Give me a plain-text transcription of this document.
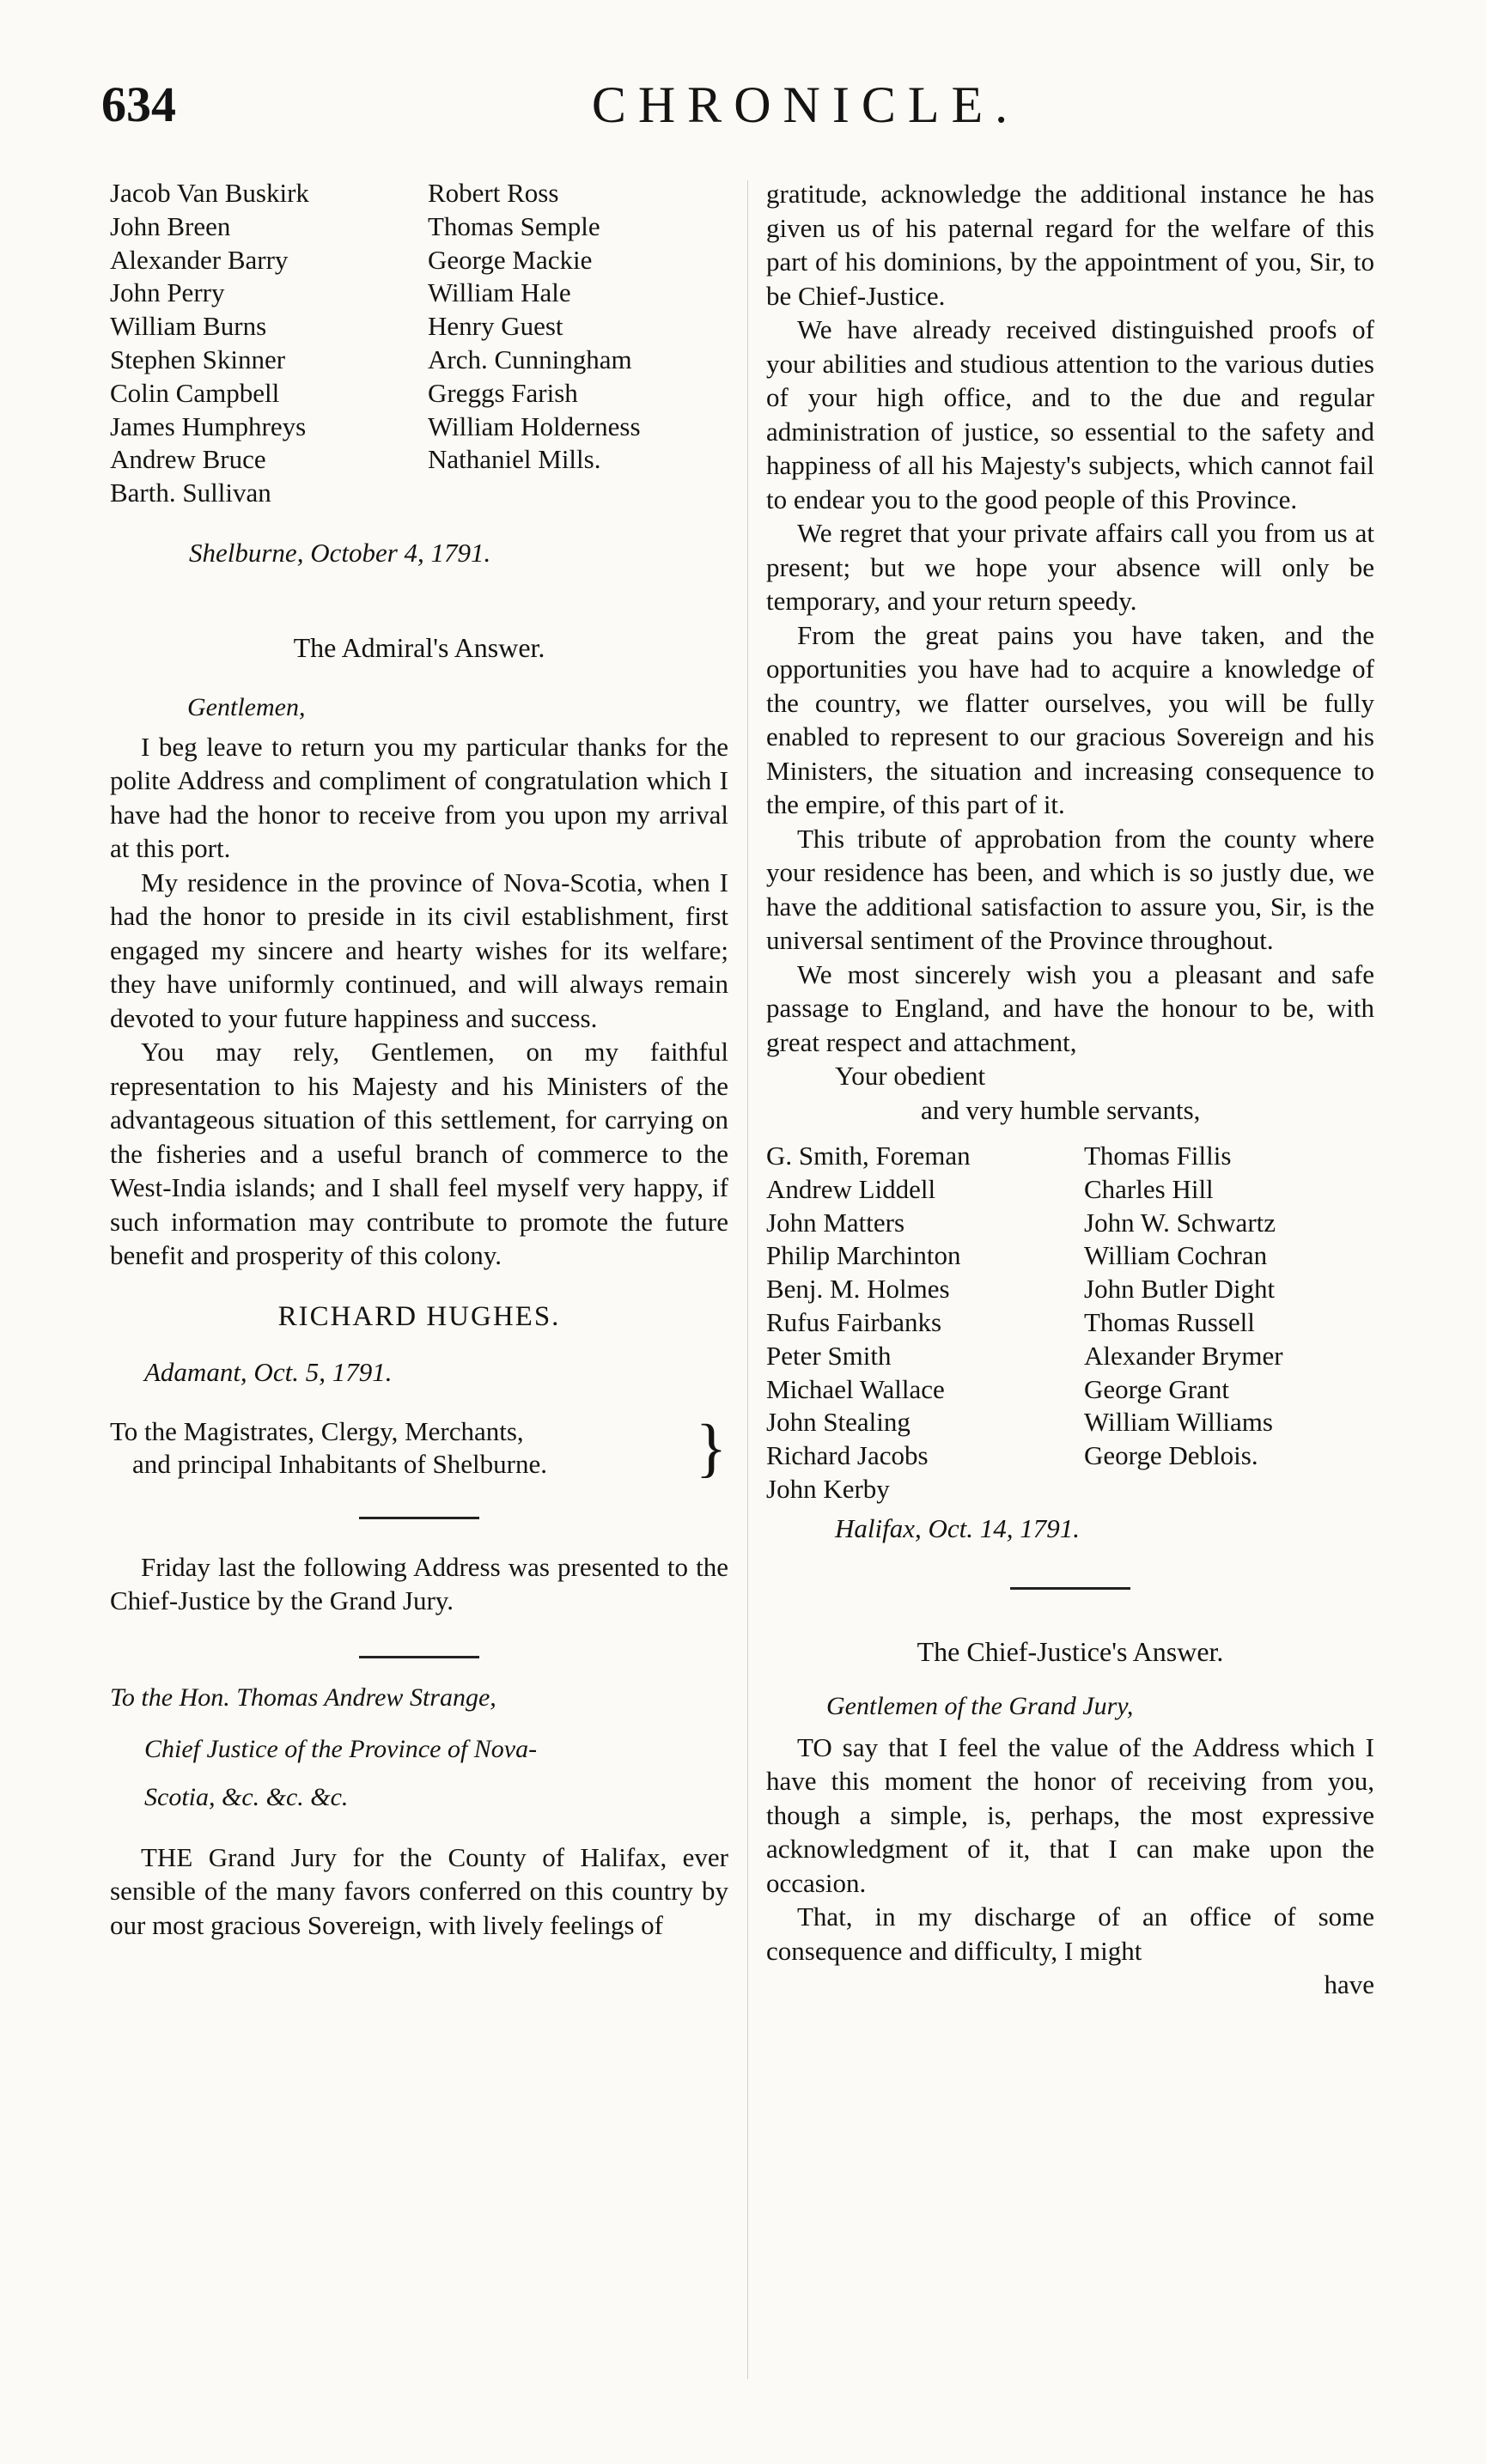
634	CHRONICLE.
Jacob Van Buskirk
John Breen
Alexander Barry
John Perry
William Burns
Stephen Skinner
Colin Campbell
James Humphreys
Andrew Bruce
Barth. Sullivan
Robert Ross
Thomas Semple
George Mackie
William Hale
Henry Guest
Arch. Cunningham
Greggs Farish
William Holderness
Nathaniel Mills.
Shelburne, October 4, 1791.
The Admiral's Answer.
Gentlemen,

I beg leave to return you my particular thanks for the polite Address and compliment of congratulation which I have had the honor to receive from you upon my arrival at this port.

My residence in the province of Nova-Scotia, when I had the honor to preside in its civil establishment, first engaged my sincere and hearty wishes for its welfare; they have uniformly continued, and will always remain devoted to your future happiness and success.

You may rely, Gentlemen, on my faithful representation to his Majesty and his Ministers of the advantageous situation of this settlement, for carrying on the fisheries and a useful branch of commerce to the West-India islands; and I shall feel myself very happy, if such information may contribute to promote the future benefit and prosperity of this colony.

RICHARD HUGHES.
Adamant, Oct. 5, 1791.
To the Magistrates, Clergy, Merchants,
and principal Inhabitants of Shelburne.	}

Friday last the following Address was presented to the Chief-Justice by the Grand Jury.

To the Hon. Thomas Andrew Strange,
Chief Justice of the Province of Nova-
Scotia, &c. &c. &c.

THE Grand Jury for the County of Halifax, ever sensible of the many favors conferred on this country by our most gracious Sovereign, with lively feelings of

gratitude, acknowledge the additional instance he has given us of his paternal regard for the welfare of this part of his dominions, by the appointment of you, Sir, to be Chief-Justice.

We have already received distinguished proofs of your abilities and studious attention to the various duties of your high office, and to the due and regular administration of justice, so essential to the safety and happiness of all his Majesty's subjects, which cannot fail to endear you to the good people of this Province.

We regret that your private affairs call you from us at present; but we hope your absence will only be temporary, and your return speedy.

From the great pains you have taken, and the opportunities you have had to acquire a knowledge of the country, we flatter ourselves, you will be fully enabled to represent to our gracious Sovereign and his Ministers, the situation and increasing consequence to the empire, of this part of it.

This tribute of approbation from the county where your residence has been, and which is so justly due, we have the additional satisfaction to assure you, Sir, is the universal sentiment of the Province throughout.

We most sincerely wish you a pleasant and safe passage to England, and have the honour to be, with great respect and attachment,

Your obedient
and very humble servants,
G. Smith, Foreman
Andrew Liddell
John Matters
Philip Marchinton
Benj. M. Holmes
Rufus Fairbanks
Peter Smith
Michael Wallace
John Stealing
Richard Jacobs
John Kerby
Thomas Fillis
Charles Hill
John W. Schwartz
William Cochran
John Butler Dight
Thomas Russell
Alexander Brymer
George Grant
William Williams
George Deblois.
Halifax, Oct. 14, 1791.
The Chief-Justice's Answer.
Gentlemen of the Grand Jury,

TO say that I feel the value of the Address which I have this moment the honor of receiving from you, though a simple, is, perhaps, the most expressive acknowledgment of it, that I can make upon the occasion.

That, in my discharge of an office of some consequence and difficulty, I might

have
